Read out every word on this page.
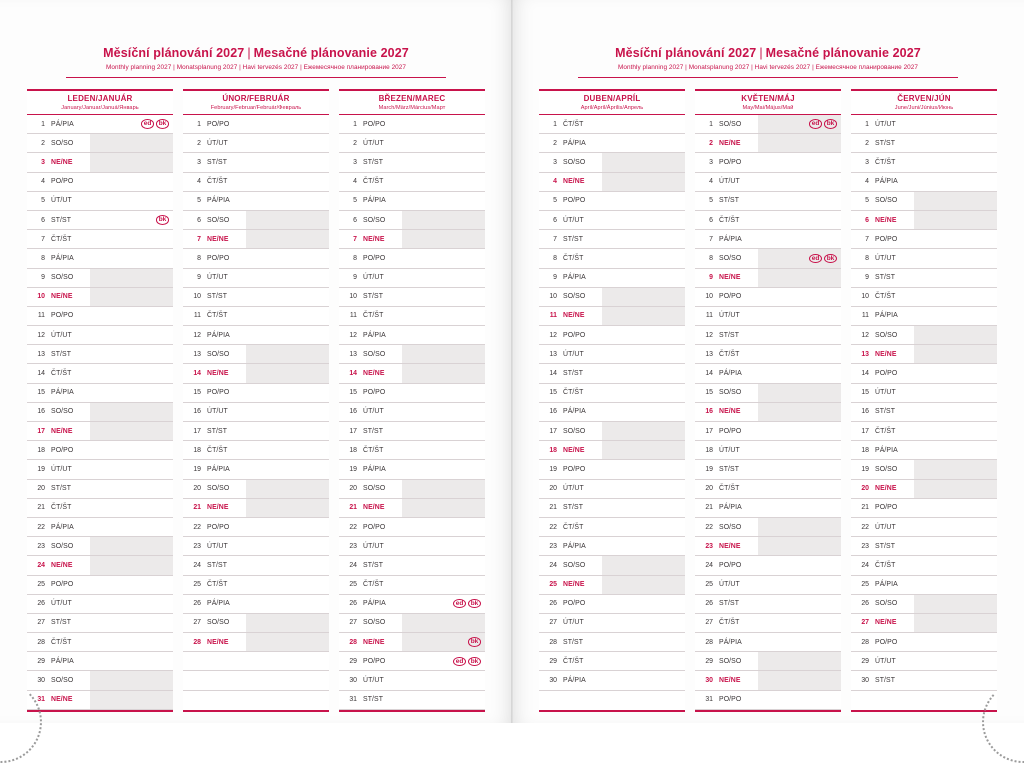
Měsíční plánování 2027 | Mesačné plánovanie 2027
Monthly planning 2027 | Monatsplanung 2027 | Havi tervezés 2027 | Ежемесячное планирование 2027
LEDEN/JANUÁR
January/Januar/Januá/Январь
1	PÁ/PIA	ed bk
2	SO/SO	
3	NE/NE	
4	PO/PO	
5	ÚT/UT	
6	ST/ST	bk
7	ČT/ŠT	
8	PÁ/PIA	
9	SO/SO	
10	NE/NE	
11	PO/PO	
12	ÚT/UT	
13	ST/ST	
14	ČT/ŠT	
15	PÁ/PIA	
16	SO/SO	
17	NE/NE	
18	PO/PO	
19	ÚT/UT	
20	ST/ST	
21	ČT/ŠT	
22	PÁ/PIA	
23	SO/SO	
24	NE/NE	
25	PO/PO	
26	ÚT/UT	
27	ST/ST	
28	ČT/ŠT	
29	PÁ/PIA	
30	SO/SO	
31	NE/NE	
ÚNOR/FEBRUÁR
February/Februar/Február/Февраль
1	PO/PO	
2	ÚT/UT	
3	ST/ST	
4	ČT/ŠT	
5	PÁ/PIA	
6	SO/SO	
7	NE/NE	
8	PO/PO	
9	ÚT/UT	
10	ST/ST	
11	ČT/ŠT	
12	PÁ/PIA	
13	SO/SO	
14	NE/NE	
15	PO/PO	
16	ÚT/UT	
17	ST/ST	
18	ČT/ŠT	
19	PÁ/PIA	
20	SO/SO	
21	NE/NE	
22	PO/PO	
23	ÚT/UT	
24	ST/ST	
25	ČT/ŠT	
26	PÁ/PIA	
27	SO/SO	
28	NE/NE	

BŘEZEN/MAREC
March/März/Március/Март
1	PO/PO	
2	ÚT/UT	
3	ST/ST	
4	ČT/ŠT	
5	PÁ/PIA	
6	SO/SO	
7	NE/NE	
8	PO/PO	
9	ÚT/UT	
10	ST/ST	
11	ČT/ŠT	
12	PÁ/PIA	
13	SO/SO	
14	NE/NE	
15	PO/PO	
16	ÚT/UT	
17	ST/ST	
18	ČT/ŠT	
19	PÁ/PIA	
20	SO/SO	
21	NE/NE	
22	PO/PO	
23	ÚT/UT	
24	ST/ST	
25	ČT/ŠT	
26	PÁ/PIA	ed bk
27	SO/SO	
28	NE/NE	bk
29	PO/PO	ed bk
30	ÚT/UT	
31	ST/ST	
Měsíční plánování 2027 | Mesačné plánovanie 2027
Monthly planning 2027 | Monatsplanung 2027 | Havi tervezés 2027 | Ежемесячное планирование 2027
DUBEN/APRÍL
April/April/Április/Апрель
1	ČT/ŠT	
2	PÁ/PIA	
3	SO/SO	
4	NE/NE	
5	PO/PO	
6	ÚT/UT	
7	ST/ST	
8	ČT/ŠT	
9	PÁ/PIA	
10	SO/SO	
11	NE/NE	
12	PO/PO	
13	ÚT/UT	
14	ST/ST	
15	ČT/ŠT	
16	PÁ/PIA	
17	SO/SO	
18	NE/NE	
19	PO/PO	
20	ÚT/UT	
21	ST/ST	
22	ČT/ŠT	
23	PÁ/PIA	
24	SO/SO	
25	NE/NE	
26	PO/PO	
27	ÚT/UT	
28	ST/ST	
29	ČT/ŠT	
30	PÁ/PIA	

KVĚTEN/MÁJ
May/Mai/Május/Май
1	SO/SO	ed bk
2	NE/NE	
3	PO/PO	
4	ÚT/UT	
5	ST/ST	
6	ČT/ŠT	
7	PÁ/PIA	
8	SO/SO	ed bk
9	NE/NE	
10	PO/PO	
11	ÚT/UT	
12	ST/ST	
13	ČT/ŠT	
14	PÁ/PIA	
15	SO/SO	
16	NE/NE	
17	PO/PO	
18	ÚT/UT	
19	ST/ST	
20	ČT/ŠT	
21	PÁ/PIA	
22	SO/SO	
23	NE/NE	
24	PO/PO	
25	ÚT/UT	
26	ST/ST	
27	ČT/ŠT	
28	PÁ/PIA	
29	SO/SO	
30	NE/NE	
31	PO/PO	
ČERVEN/JÚN
June/Juni/Június/Июнь
1	ÚT/UT	
2	ST/ST	
3	ČT/ŠT	
4	PÁ/PIA	
5	SO/SO	
6	NE/NE	
7	PO/PO	
8	ÚT/UT	
9	ST/ST	
10	ČT/ŠT	
11	PÁ/PIA	
12	SO/SO	
13	NE/NE	
14	PO/PO	
15	ÚT/UT	
16	ST/ST	
17	ČT/ŠT	
18	PÁ/PIA	
19	SO/SO	
20	NE/NE	
21	PO/PO	
22	ÚT/UT	
23	ST/ST	
24	ČT/ŠT	
25	PÁ/PIA	
26	SO/SO	
27	NE/NE	
28	PO/PO	
29	ÚT/UT	
30	ST/ST	
